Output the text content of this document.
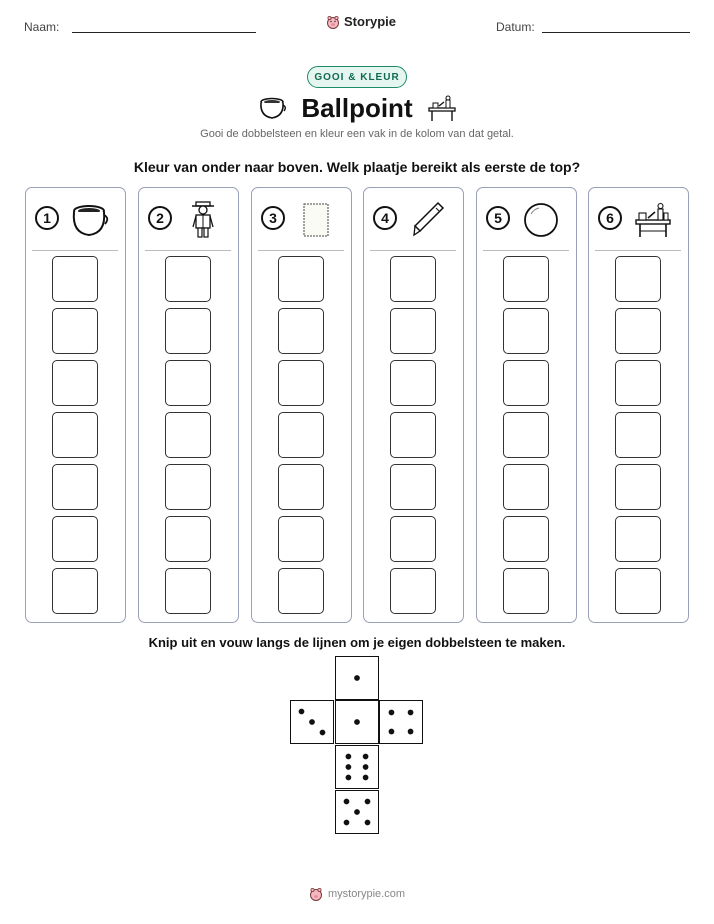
Naam:	Storypie	Datum:
GOOI & KLEUR
Ballpoint
Gooi de dobbelsteen en kleur een vak in de kolom van dat getal.
Kleur van onder naar boven. Welk plaatje bereikt als eerste de top?
1	2	3	4	5	6
Knip uit en vouw langs de lijnen om je eigen dobbelsteen te maken.
mystorypie.com
